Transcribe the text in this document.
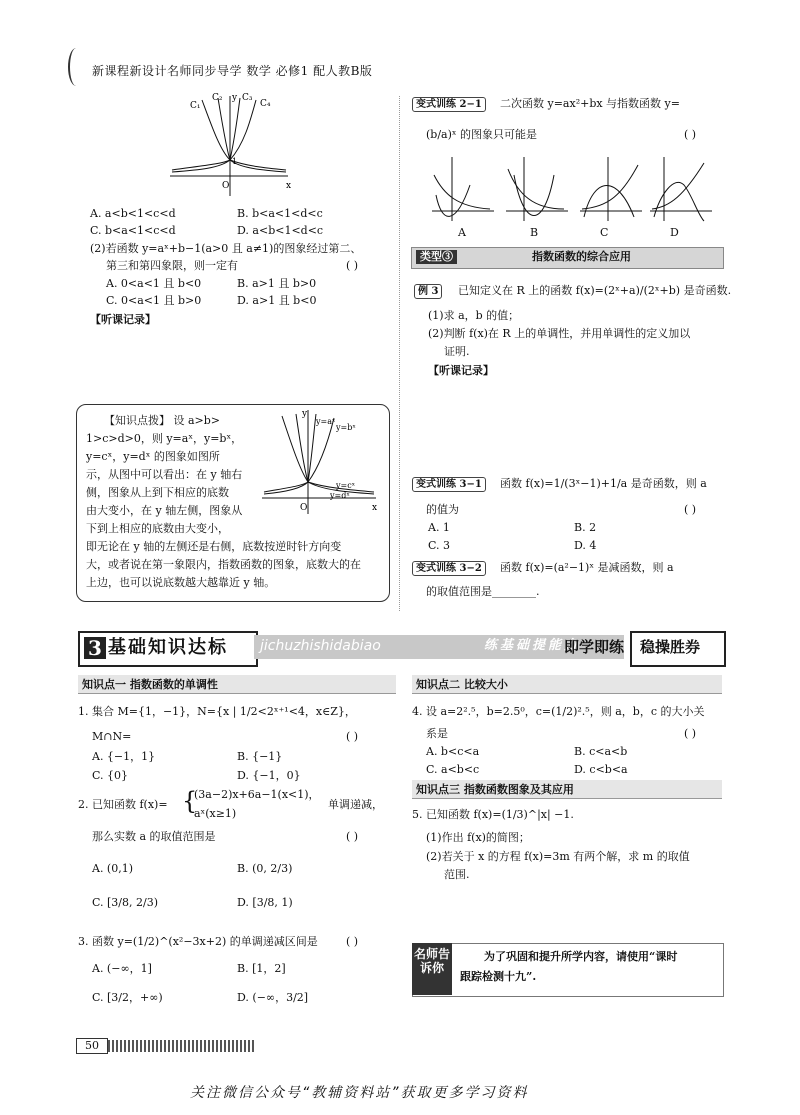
新课程新设计名师同步导学 数学 必修1 配人教B版
C₁
C₂ y C₃
C₄
1
O	x
A. a<b<1<c<d	B. b<a<1<d<c
C. b<a<1<c<d	D. a<b<1<d<c
(2)若函数 y=aˣ+b−1(a>0 且 a≠1)的图象经过第二、
第三和第四象限，则一定有	( )
A. 0<a<1 且 b<0	B. a>1 且 b>0
C. 0<a<1 且 b>0	D. a>1 且 b<0
【听课记录】
【知识点拨】 设 a>b>
1>c>d>0，则 y=aˣ，y=bˣ，
y=cˣ，y=dˣ 的图象如图所
示，从图中可以看出：在 y 轴右
侧，图象从上到下相应的底数
由大变小，在 y 轴左侧，图象从
下到上相应的底数由大变小，
即无论在 y 轴的左侧还是右侧，底数按逆时针方向变
大，或者说在第一象限内，指数函数的图象，底数大的在
上边，也可以说底数越大越靠近 y 轴。
y
y=aˣ
y=bˣ
y=cˣ
y=dˣ
O	x
变式训练 2−1	二次函数 y=ax²+bx 与指数函数 y=
(b/a)ˣ 的图象只可能是	( )
A	B	C	D
类型③	指数函数的综合应用
例 3	已知定义在 R 上的函数 f(x)=(2ˣ+a)/(2ˣ+b) 是奇函数.
(1)求 a，b 的值；
(2)判断 f(x)在 R 上的单调性，并用单调性的定义加以
证明.
【听课记录】
变式训练 3−1	函数 f(x)=1/(3ˣ−1)+1/a 是奇函数，则 a
的值为	( )
A. 1	B. 2
C. 3	D. 4
变式训练 3−2	函数 f(x)=(a²−1)ˣ 是减函数，则 a
的取值范围是________.
3 基础知识达标 jichuzhishidabiao	练基础提能力
即学即练 稳操胜券
知识点一 指数函数的单调性
1. 集合 M={1，−1}，N={x | 1/2<2ˣ⁺¹<4，x∈Z}，
M∩N=	( )
A. {−1，1}	B. {−1}
C. {0}	D. {−1，0}
2. 已知函数 f(x)= {
(3a−2)x+6a−1(x<1)，
aˣ(x≥1)
单调递减，
那么实数 a 的取值范围是	( )
A. (0,1)	B. (0, 2/3)
C. [3/8, 2/3)	D. [3/8, 1)
3. 函数 y=(1/2)^(x²−3x+2) 的单调递减区间是	( )
A. (−∞，1]	B. [1，2]
C. [3/2，+∞)	D. (−∞，3/2]
知识点二 比较大小
4. 设 a=2².⁵，b=2.5⁰，c=(1/2)².⁵，则 a，b，c 的大小关
系是	( )
A. b<c<a	B. c<a<b
C. a<b<c	D. c<b<a
知识点三 指数函数图象及其应用
5. 已知函数 f(x)=(1/3)^|x| −1.
(1)作出 f(x)的简图；
(2)若关于 x 的方程 f(x)=3m 有两个解，求 m 的取值
范围.
名师告诉你
为了巩固和提升所学内容，请使用“课时
跟踪检测十九”.
50
关注微信公众号“教辅资料站”获取更多学习资料
